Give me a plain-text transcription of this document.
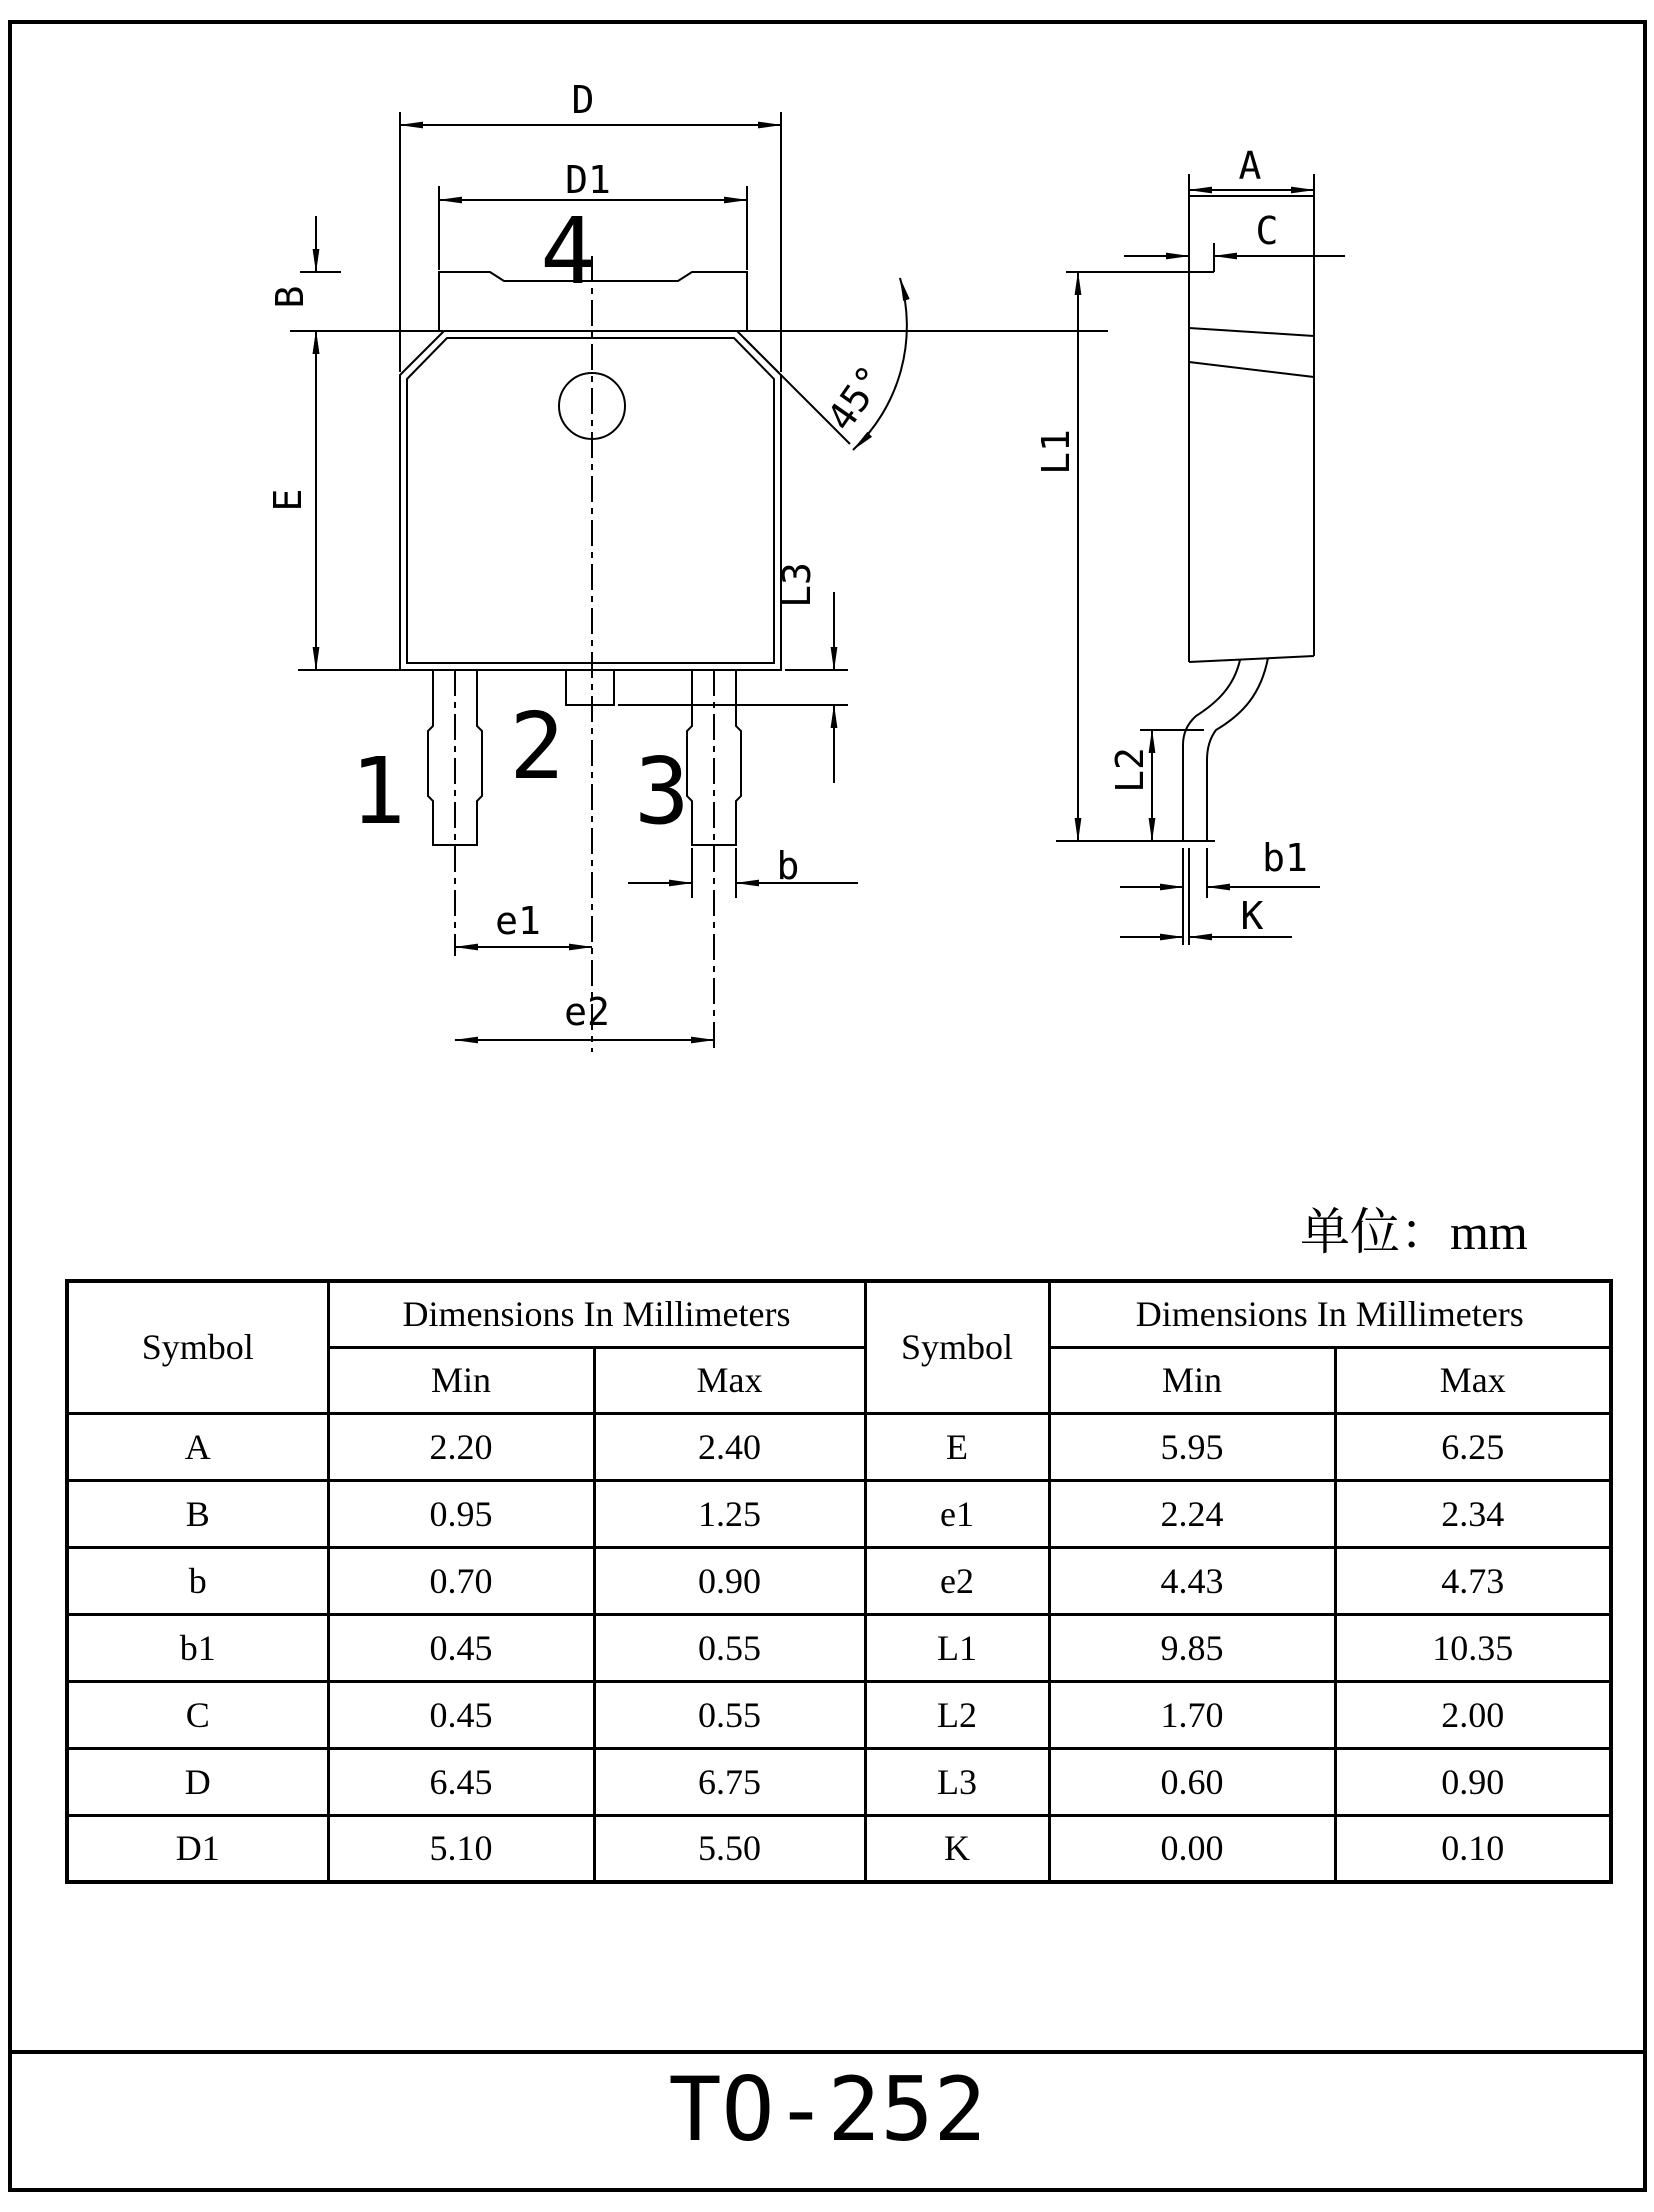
D
D1
B
E
45°
L3
b
e1
e2
1 2 3
4
A
C
L1
L2
b1
K
单位：mm
Symbol	Dimensions In Millimeters		Symbol	Dimensions In Millimeters	
	Min	Max		Min	Max
A	2.20	2.40	E	5.95	6.25
B	0.95	1.25	e1	2.24	2.34
b	0.70	0.90	e2	4.43	4.73
b1	0.45	0.55	L1	9.85	10.35
C	0.45	0.55	L2	1.70	2.00
D	6.45	6.75	L3	0.60	0.90
D1	5.10	5.50	K	0.00	0.10
TO-252
